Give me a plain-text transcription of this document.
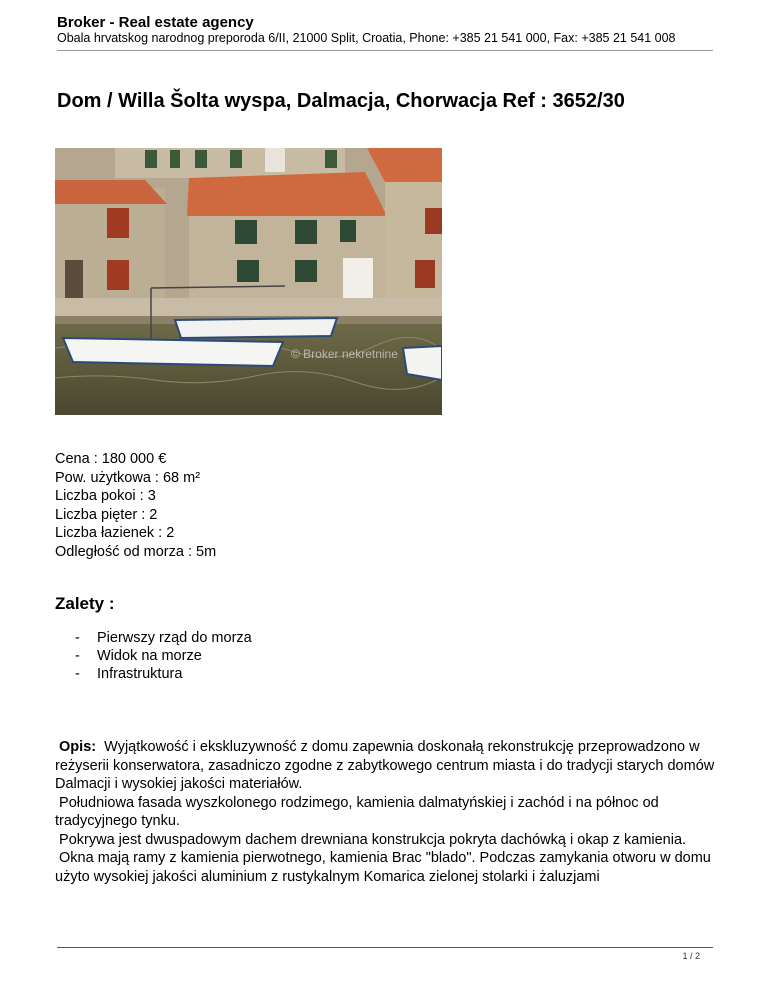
Broker - Real estate agency
Obala hrvatskog narodnog preporoda 6/II, 21000 Split, Croatia, Phone: +385 21 541 000, Fax: +385 21 541 008
Dom / Willa Šolta wyspa, Dalmacja, Chorwacja Ref : 3652/30
© Broker nekretnine
Cena : 180 000 €
Pow. użytkowa : 68 m²
Liczba pokoi : 3
Liczba pięter : 2
Liczba łazienek : 2
Odległość od morza : 5m
Zalety :
- Pierwszy rząd do morza
- Widok na morze
- Infrastruktura

Opis: Wyjątkowość i ekskluzywność z domu zapewnia doskonałą rekonstrukcję przeprowadzono w reżyserii konserwatora, zasadniczo zgodne z zabytkowego centrum miasta i do tradycji starych domów Dalmacji i wysokiej jakości materiałów.

Południowa fasada wyszkolonego rodzimego, kamienia dalmatyńskiej i zachód i na północ od tradycyjnego tynku.

Pokrywa jest dwuspadowym dachem drewniana konstrukcja pokryta dachówką i okap z kamienia.

Okna mają ramy z kamienia pierwotnego, kamienia Brac "blado". Podczas zamykania otworu w domu użyto wysokiej jakości aluminium z rustykalnym Komarica zielonej stolarki i żaluzjami

1 / 2
